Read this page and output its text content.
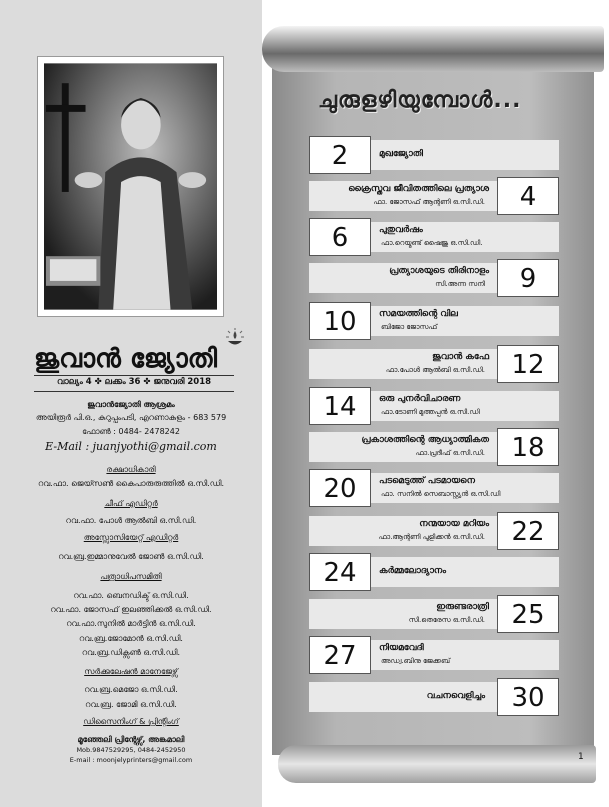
ജുവാൻ ജ്യോതി
വാല്യം 4 ✤ ലക്കം 36 ✤ ജനുവരി 2018
ജുവാൻജ്യോതി ആശ്രമം
അയിരൂർ പി.ഒ., കുറുപ്പംപടി, എറണാകുളം - 683 579
ഫോൺ : 0484- 2478242
E-Mail : juanjyothi@gmail.com
രക്ഷാധികാരി
റവ.ഫാ. ജെയ്സൺ കൈപാരുരുത്തിൽ ഒ.സി.ഡി.
ചീഫ് എഡിറ്റർ
റവ.ഫാ. പോൾ ആൽബി ഒ.സി.ഡി.
അസ്സോസിയേറ്റ് എഡിറ്റർ
റവ.ബ്ര.ഇമ്മാനുവേൽ ജോൺ ഒ.സി.ഡി.
പത്രാധിപസമിതി
റവ.ഫാ. ബെനഡിക്ട് ഒ.സി.ഡി.
റവ.ഫാ. ജോസഫ് ഇലഞ്ഞിക്കൽ ഒ.സി.ഡി.
റവ.ഫാ.സുനിൽ മാർട്ടിൻ ഒ.സി.ഡി.
റവ.ബ്ര.ജോമോൻ ഒ.സി.ഡി.
റവ.ബ്ര.ഡിക്സൺ ഒ.സി.ഡി.
സർക്കുലേഷൻ മാനേജേഴ്സ്
റവ.ബ്ര.മെജോ ഒ.സി.ഡി.
റവ.ബ്ര. ജോമി ഒ.സി.ഡി.
ഡിസൈനിംഗ് & പ്രിന്റിംഗ്
മൂഞ്ഞേലി പ്രിന്റേഴ്സ്, അങ്കമാലി
Mob.9847529295, 0484-2452950
E-mail : moonjelyprinters@gmail.com
ചുരുളഴിയുമ്പോൾ...
2	മുഖജ്യോതി
ക്രൈസ്തവ ജീവിതത്തിലെ പ്രത്യാശ
ഫാ. ജോസഫ് ആന്റണി ഒ.സി.ഡി.	4
6	പുതുവർഷം
ഫാ.റെയ്മണ്ട് ഷൈജു ഒ.സി.ഡി.
പ്രത്യാശയുടെ തിരിനാളം
സി.അന്ന സനി	9
10	സമയത്തിന്റെ വില
ബിജോ ജോസഫ്
ജുവാൻ കഫേ
ഫാ.പോൾ ആൽബി ഒ.സി.ഡി.	12
14	ഒരു പുനർവിചാരണ
ഫാ.ടോണി മുത്തപ്പൻ ഒ.സി.ഡി
പ്രകാശത്തിന്റെ ആധ്യാത്മികത
ഫാ.പ്രദീഫ് ഒ.സി.ഡി.	18
20	പടമെടുത്ത് പടമായനെ
ഫാ. സനിൽ സെബാസ്റ്റ്യൻ ഒ.സി.ഡി
നന്മയായ മറിയം
ഫാ.ആന്റണി പുളിക്കൻ ഒ.സി.ഡി.	22
24	കർമ്മലോദ്യാനം
ഇരുണ്ടരാത്രി
സി.തെരേസ ഒ.സി.ഡി.	25
27	നിയമവേദി
അഡ്വ.ബിനു ജേക്കബ്
വചനവെളിച്ചം	30
1
